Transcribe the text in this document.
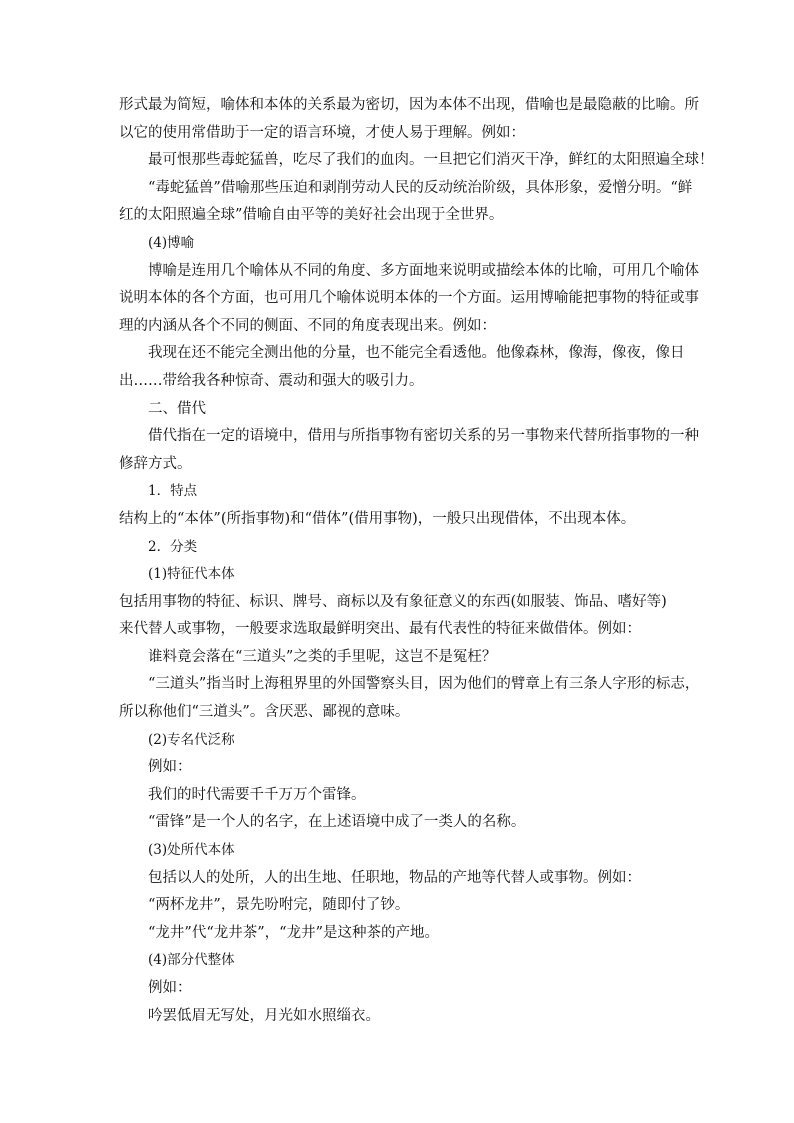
形式最为简短，喻体和本体的关系最为密切，因为本体不出现，借喻也是最隐蔽的比喻。所
以它的使用常借助于一定的语言环境，才使人易于理解。例如：
最可恨那些毒蛇猛兽，吃尽了我们的血肉。一旦把它们消灭干净，鲜红的太阳照遍全球！
“毒蛇猛兽”借喻那些压迫和剥削劳动人民的反动统治阶级，具体形象，爱憎分明。“鲜
红的太阳照遍全球”借喻自由平等的美好社会出现于全世界。
(4)博喻
博喻是连用几个喻体从不同的角度、多方面地来说明或描绘本体的比喻，可用几个喻体
说明本体的各个方面，也可用几个喻体说明本体的一个方面。运用博喻能把事物的特征或事
理的内涵从各个不同的侧面、不同的角度表现出来。例如：
我现在还不能完全测出他的分量，也不能完全看透他。他像森林，像海，像夜，像日
出……带给我各种惊奇、震动和强大的吸引力。
二、借代
借代指在一定的语境中，借用与所指事物有密切关系的另一事物来代替所指事物的一种
修辞方式。
1．特点
结构上的“本体”(所指事物)和“借体”(借用事物)，一般只出现借体，不出现本体。
2．分类
(1)特征代本体
包括用事物的特征、标识、牌号、商标以及有象征意义的东西(如服装、饰品、嗜好等)
来代替人或事物，一般要求选取最鲜明突出、最有代表性的特征来做借体。例如：
谁料竟会落在“三道头”之类的手里呢，这岂不是冤枉？
“三道头”指当时上海租界里的外国警察头目，因为他们的臂章上有三条人字形的标志，
所以称他们“三道头”。含厌恶、鄙视的意味。
(2)专名代泛称
例如：
我们的时代需要千千万万个雷锋。
“雷锋”是一个人的名字，在上述语境中成了一类人的名称。
(3)处所代本体
包括以人的处所，人的出生地、任职地，物品的产地等代替人或事物。例如：
“两杯龙井”，景先吩咐完，随即付了钞。
“龙井”代“龙井茶”，“龙井”是这种茶的产地。
(4)部分代整体
例如：
吟罢低眉无写处，月光如水照缁衣。
